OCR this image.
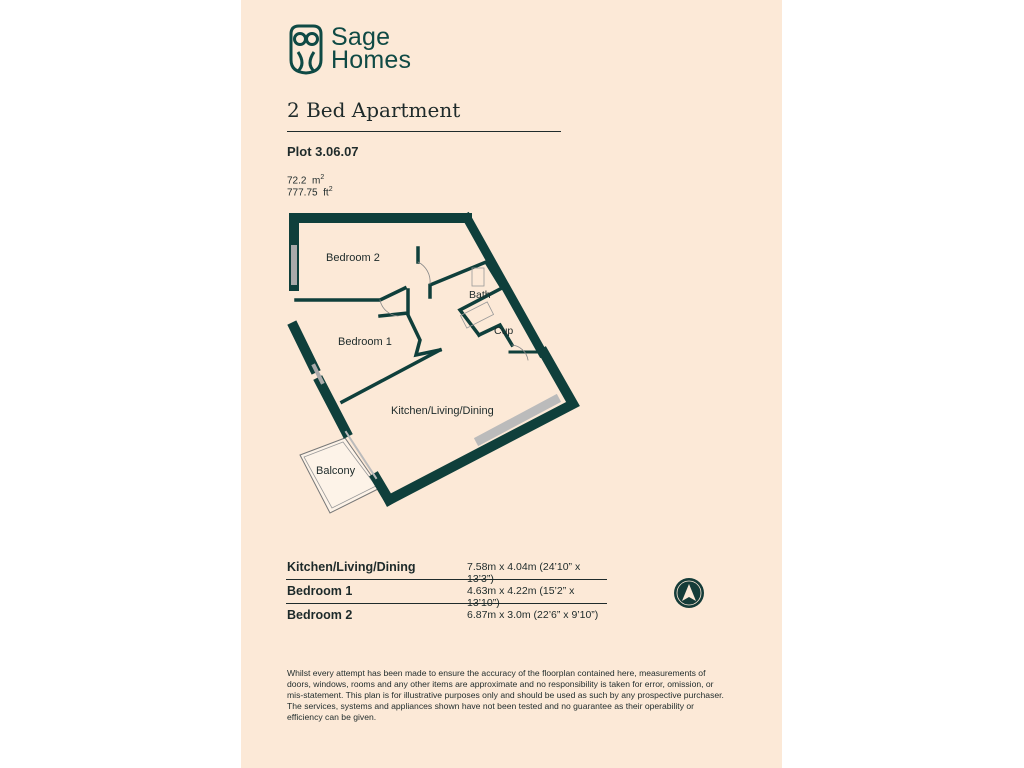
Sage
Homes
2 Bed Apartment
Plot 3.06.07
72.2 $m^2$
777.75 $ft^2$
Bedroom 2
Bedroom 1
Bath
Cup
Kitchen/Living/Dining
Balcony
Kitchen/Living/Dining	7.58m x 4.04m (24’10” x 13’3”)
Bedroom 1	4.63m x 4.22m (15’2” x 13’10”)
Bedroom 2	6.87m x 3.0m (22’6” x 9’10”)
Whilst every attempt has been made to ensure the accuracy of the floorplan contained here, measurements of doors, windows, rooms and any other items are approximate and no responsibility is taken for error, omission, or mis-statement. This plan is for illustrative purposes only and should be used as such by any prospective purchaser. The services, systems and appliances shown have not been tested and no guarantee as their operability or efficiency can be given.
